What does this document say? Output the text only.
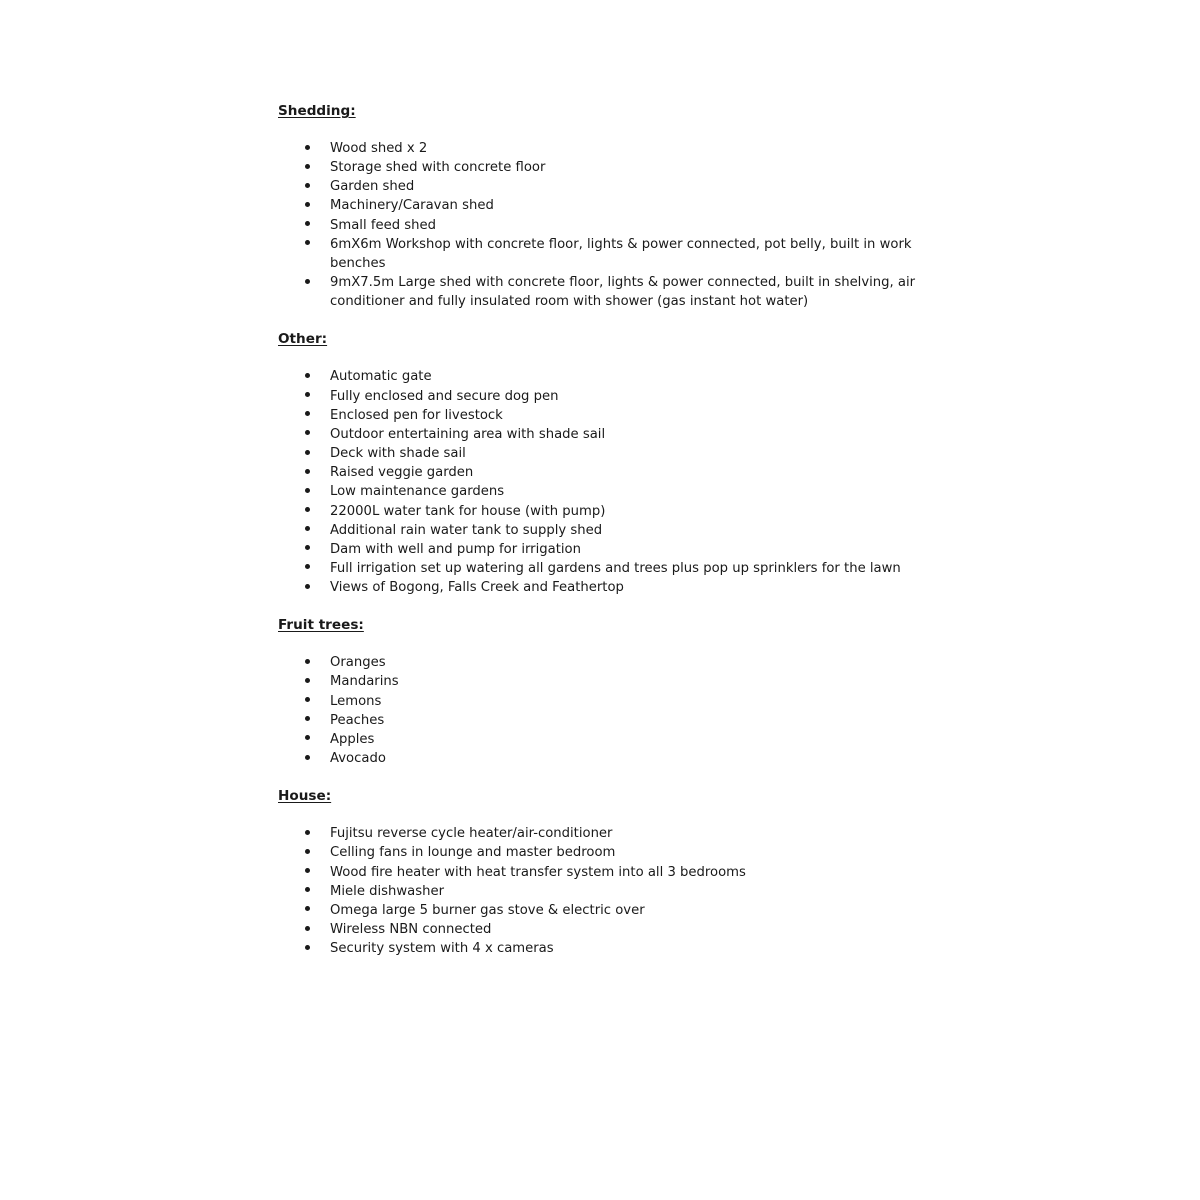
Shedding:
Wood shed x 2
Storage shed with concrete floor
Garden shed
Machinery/Caravan shed
Small feed shed
6mX6m Workshop with concrete floor, lights & power connected, pot belly, built in work benches
9mX7.5m Large shed with concrete floor, lights & power connected, built in shelving, air conditioner and fully insulated room with shower (gas instant hot water)
Other:
Automatic gate
Fully enclosed and secure dog pen
Enclosed pen for livestock
Outdoor entertaining area with shade sail
Deck with shade sail
Raised veggie garden
Low maintenance gardens
22000L water tank for house (with pump)
Additional rain water tank to supply shed
Dam with well and pump for irrigation
Full irrigation set up watering all gardens and trees plus pop up sprinklers for the lawn
Views of Bogong, Falls Creek and Feathertop
Fruit trees:
Oranges
Mandarins
Lemons
Peaches
Apples
Avocado
House:
Fujitsu reverse cycle heater/air-conditioner
Celling fans in lounge and master bedroom
Wood fire heater with heat transfer system into all 3 bedrooms
Miele dishwasher
Omega large 5 burner gas stove & electric over
Wireless NBN connected
Security system with 4 x cameras
